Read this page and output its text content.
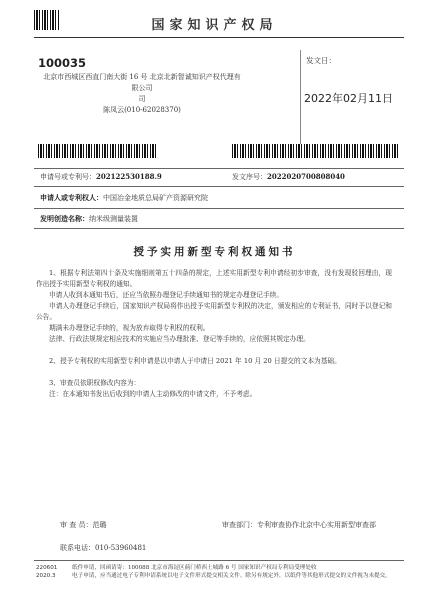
国家知识产权局
100035
北京市西城区西直门南大街 16 号 北京北新智诚知识产权代理有限公司
司
陈凤云(010-62028370)
发文日：
2022年02月11日
申请号或专利号：202122530188.9	发文序号：2022020700808040
申请人或专利权人：中国冶金地质总局矿产资源研究院
发明创造名称：纳米级测量装置
授予实用新型专利权通知书
1、根据专利法第四十条及实施细则第五十四条的规定，上述实用新型专利申请经初步审查，没有发现驳回理由，现作出授予实用新型专利权的通知。
申请人收到本通知书后，还应当依照办理登记手续通知书的规定办理登记手续。
申请人办理登记手续后，国家知识产权局将作出授予实用新型专利权的决定，颁发相应的专利证书，同时予以登记和公告。
期满未办理登记手续的，视为放弃取得专利权的权利。
法律、行政法规规定相应技术的实施应当办理批准、登记等手续的，应依照其规定办理。
2、授予专利权的实用新型专利申请是以申请人于申请日 2021 年 10 月 20 日提交的文本为基础。
3、审查员依职权修改内容为：
注：在本通知书发出后收到的申请人主动修改的申请文件，不予考虑。
审 查 员：范璐	审查部门：专利审查协作北京中心实用新型审查部
联系电话：010-53960481
220601
2020.3
纸件申请，回函请寄：100088 北京市海淀区蓟门桥西土城路 6 号 国家知识产权局专利局受理处收
电子申请，应当通过电子专利申请系统以电子文件形式提交相关文件。除另有规定外，以纸件等其他形式提交的文件视为未提交。
